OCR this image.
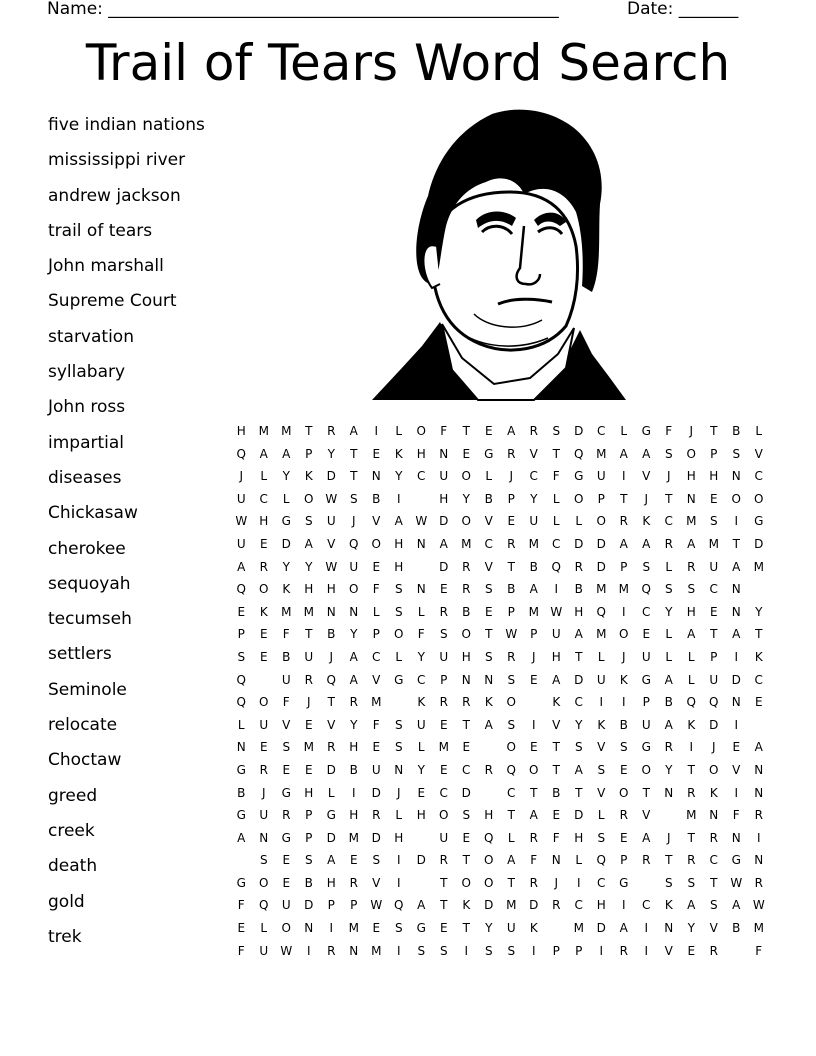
Name: _____________________________________________________	Date: _______
Trail of Tears Word Search
five indian nations
mississippi river
andrew jackson
trail of tears
John marshall
Supreme Court
starvation
syllabary
John ross
impartial
diseases
Chickasaw
cherokee
sequoyah
tecumseh
settlers
Seminole
relocate
Choctaw
greed
creek
death
gold
trek
H	M	M	T	R	A	I	L	O	F	T	E	A	R	S	D	C	L	G	F	J	T	B	L
Q	A	A	P	Y	T	E	K	H	N	E	G	R	V	T	Q	M	A	A	S	O	P	S	V
J	L	Y	K	D	T	N	Y	C	U	O	L	J	C	F	G	U	I	V	J	H	H	N	C
U	C	L	O	W	S	B	I		H	Y	B	P	Y	L	O	P	T	J	T	N	E	O	O
W	H	G	S	U	J	V	A	W	D	O	V	E	U	L	L	O	R	K	C	M	S	I	G
U	E	D	A	V	Q	O	H	N	A	M	C	R	M	C	D	D	A	A	R	A	M	T	D
A	R	Y	Y	W	U	E	H		D	R	V	T	B	Q	R	D	P	S	L	R	U	A	M
Q	O	K	H	H	O	F	S	N	E	R	S	B	A	I	B	M	M	Q	S	S	C	N	
E	K	M	M	N	N	L	S	L	R	B	E	P	M	W	H	Q	I	C	Y	H	E	N	Y
P	E	F	T	B	Y	P	O	F	S	O	T	W	P	U	A	M	O	E	L	A	T	A	T
S	E	B	U	J	A	C	L	Y	U	H	S	R	J	H	T	L	J	U	L	L	P	I	K
Q		U	R	Q	A	V	G	C	P	N	N	S	E	A	D	U	K	G	A	L	U	D	C
Q	O	F	J	T	R	M		K	R	R	K	O		K	C	I	I	P	B	Q	Q	N	E
L	U	V	E	V	Y	F	S	U	E	T	A	S	I	V	Y	K	B	U	A	K	D	I	
N	E	S	M	R	H	E	S	L	M	E		O	E	T	S	V	S	G	R	I	J	E	A
G	R	E	E	D	B	U	N	Y	E	C	R	Q	O	T	A	S	E	O	Y	T	O	V	N
B	J	G	H	L	I	D	J	E	C	D		C	T	B	T	V	O	T	N	R	K	I	N
G	U	R	P	G	H	R	L	H	O	S	H	T	A	E	D	L	R	V		M	N	F	R
A	N	G	P	D	M	D	H		U	E	Q	L	R	F	H	S	E	A	J	T	R	N	I
	S	E	S	A	E	S	I	D	R	T	O	A	F	N	L	Q	P	R	T	R	C	G	N
G	O	E	B	H	R	V	I		T	O	O	T	R	J	I	C	G		S	S	T	W	R
F	Q	U	D	P	P	W	Q	A	T	K	D	M	D	R	C	H	I	C	K	A	S	A	W
E	L	O	N	I	M	E	S	G	E	T	Y	U	K		M	D	A	I	N	Y	V	B	M
F	U	W	I	R	N	M	I	S	S	I	S	S	I	P	P	I	R	I	V	E	R		F
